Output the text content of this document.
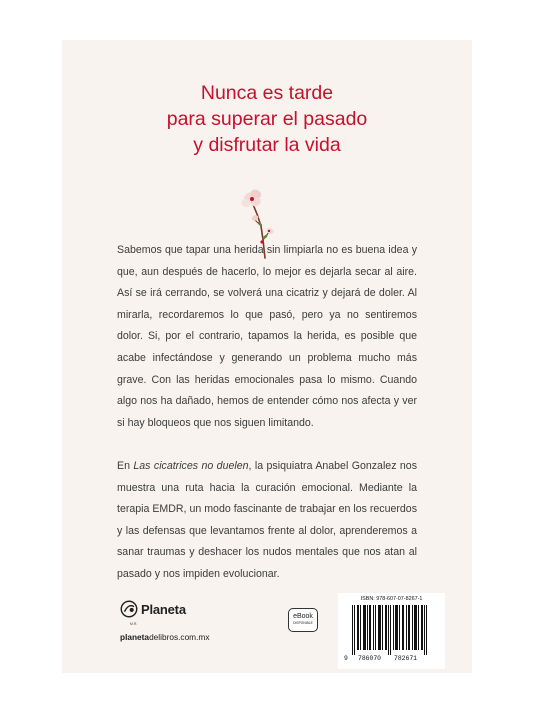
Nunca es tarde
para superar el pasado
y disfrutar la vida

Sabemos que tapar una herida sin limpiarla no es buena idea y que, aun después de hacerlo, lo mejor es dejarla secar al aire. Así se irá cerrando, se volverá una cicatriz y dejará de doler. Al mirarla, recordaremos lo que pasó, pero ya no sentiremos dolor. Si, por el contrario, tapamos la herida, es posible que acabe infectándose y generando un problema mucho más grave. Con las heridas emocionales pasa lo mismo. Cuando algo nos ha dañado, hemos de entender cómo nos afecta y ver si hay bloqueos que nos siguen limitando.

En Las cicatrices no duelen, la psiquiatra Anabel Gonzalez nos muestra una ruta hacia la curación emocional. Mediante la terapia EMDR, un modo fascinante de trabajar en los recuerdos y las defensas que levantamos frente al dolor, aprenderemos a sanar traumas y deshacer los nudos mentales que nos atan al pasado y nos impiden evolucionar.

Planeta
M.R.
planetadelibros.com.mx
eBook
DISPONIBLE
ISBN: 978-607-07-8267-1
9 786070 782671
